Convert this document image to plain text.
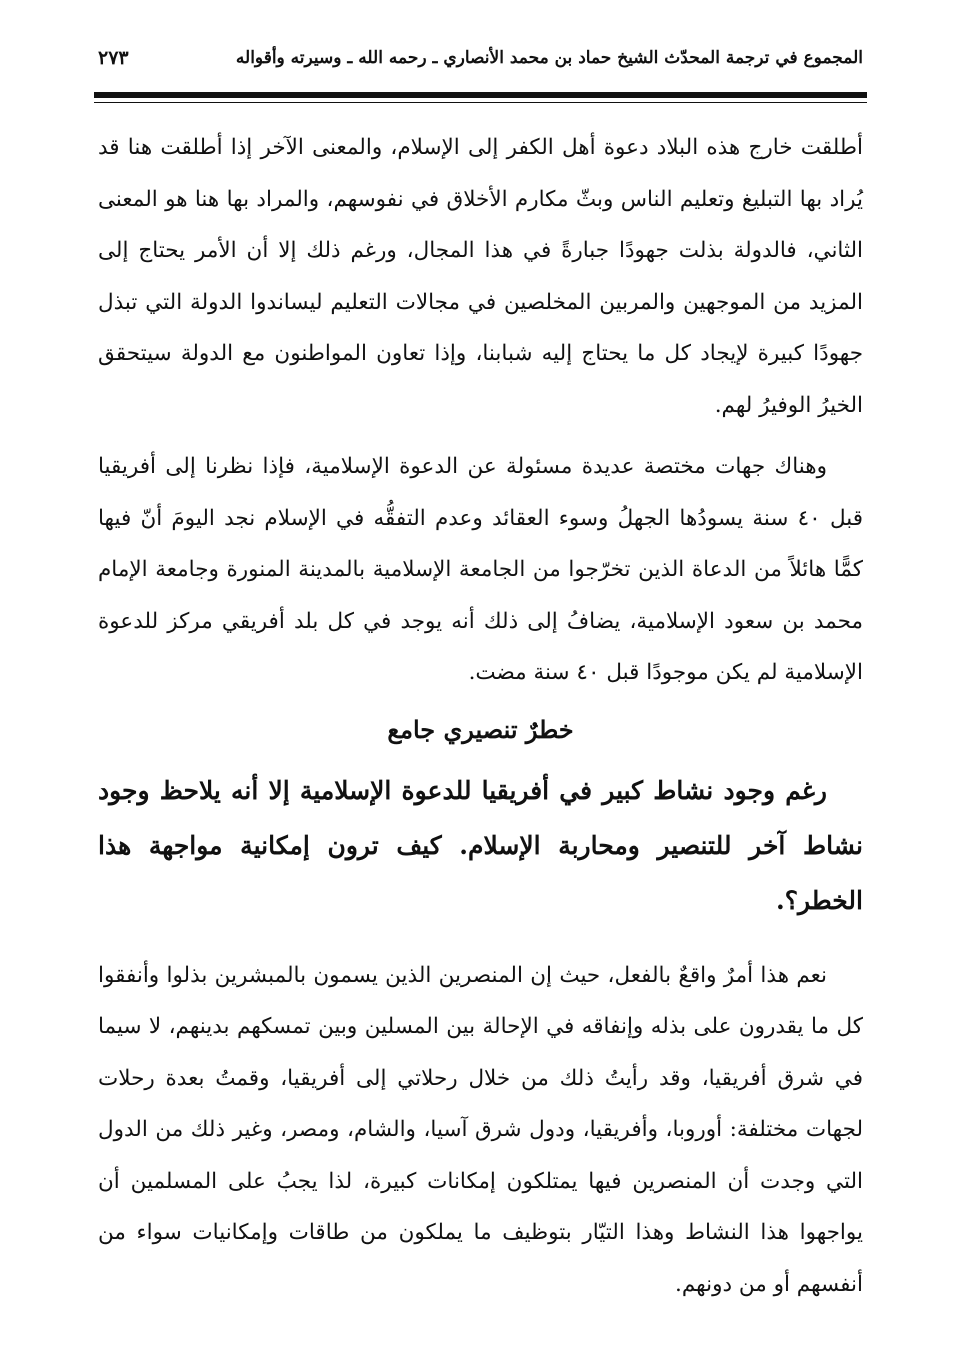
المجموع في ترجمة المحدّث الشيخ حماد بن محمد الأنصاري ـ رحمه الله ـ وسيرته وأقواله
٢٧٣

أطلقت خارج هذه البلاد دعوة أهل الكفر إلى الإسلام، والمعنى الآخر إذا أطلقت هنا قد يُراد بها التبليغ وتعليم الناس وبثّ مكارم الأخلاق في نفوسهم، والمراد بها هنا هو المعنى الثاني، فالدولة بذلت جهودًا جبارةً في هذا المجال، ورغم ذلك إلا أن الأمر يحتاج إلى المزيد من الموجهين والمربين المخلصين في مجالات التعليم ليساندوا الدولة التي تبذل جهودًا كبيرة لإيجاد كل ما يحتاج إليه شبابنا، وإذا تعاون المواطنون مع الدولة سيتحقق الخيرُ الوفيرُ لهم.

وهناك جهات مختصة عديدة مسئولة عن الدعوة الإسلامية، فإذا نظرنا إلى أفريقيا قبل ٤٠ سنة يسودُها الجهلُ وسوء العقائد وعدم التفقُّه في الإسلام نجد اليومَ أنّ فيها كمًّا هائلاً من الدعاة الذين تخرّجوا من الجامعة الإسلامية بالمدينة المنورة وجامعة الإمام محمد بن سعود الإسلامية، يضافُ إلى ذلك أنه يوجد في كل بلد أفريقي مركز للدعوة الإسلامية لم يكن موجودًا قبل ٤٠ سنة مضت.

خطرٌ تنصيري جامع

رغم وجود نشاط كبير في أفريقيا للدعوة الإسلامية إلا أنه يلاحظ وجود نشاط آخر للتنصير ومحاربة الإسلام. كيف ترون إمكانية مواجهة هذا الخطر؟.

نعم هذا أمرٌ واقعٌ بالفعل، حيث إن المنصرين الذين يسمون بالمبشرين بذلوا وأنفقوا كل ما يقدرون على بذله وإنفاقه في الإحالة بين المسلين وبين تمسكهم بدينهم، لا سيما في شرق أفريقيا، وقد رأيتُ ذلك من خلال رحلاتي إلى أفريقيا، وقمتُ بعدة رحلات لجهات مختلفة: أوروبا، وأفريقيا، ودول شرق آسيا، والشام، ومصر، وغير ذلك من الدول التي وجدت أن المنصرين فيها يمتلكون إمكانات كبيرة، لذا يجبُ على المسلمين أن يواجهوا هذا النشاط وهذا التيّار بتوظيف ما يملكون من طاقات وإمكانيات سواء من أنفسهم أو من دونهم.
